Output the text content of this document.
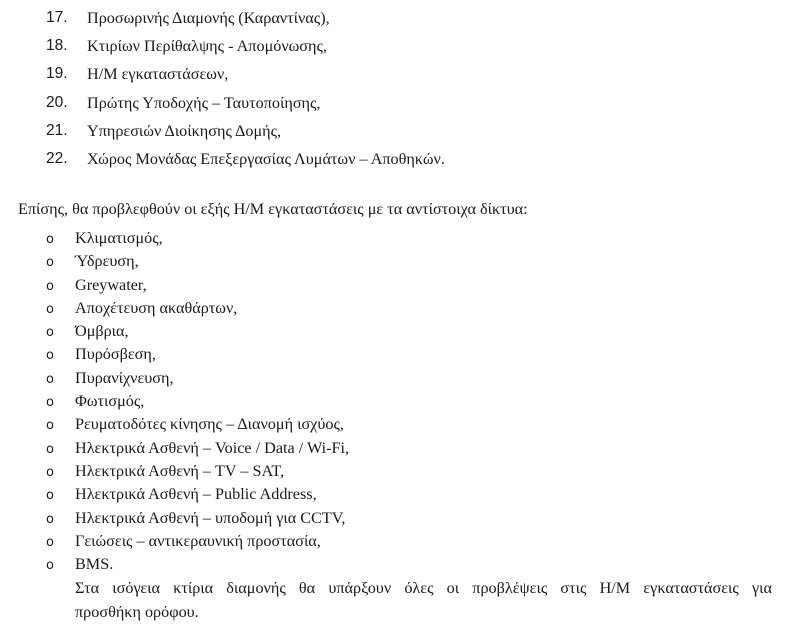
17. Προσωρινής Διαμονής (Καραντίνας),
18. Κτιρίων Περίθαλψης - Απομόνωσης,
19. Η/Μ εγκαταστάσεων,
20. Πρώτης Υποδοχής – Ταυτοποίησης,
21. Υπηρεσιών Διοίκησης Δομής,
22. Χώρος Μονάδας Επεξεργασίας Λυμάτων – Αποθηκών.

Επίσης, θα προβλεφθούν οι εξής Η/Μ εγκαταστάσεις με τα αντίστοιχα δίκτυα:

o Κλιματισμός,
o Ύδρευση,
o Greywater,
o Αποχέτευση ακαθάρτων,
o Όμβρια,
o Πυρόσβεση,
o Πυρανίχνευση,
o Φωτισμός,
o Ρευματοδότες κίνησης – Διανομή ισχύος,
o Ηλεκτρικά Ασθενή – Voice / Data / Wi-Fi,
o Ηλεκτρικά Ασθενή – TV – SAT,
o Ηλεκτρικά Ασθενή – Public Address,
o Ηλεκτρικά Ασθενή – υποδομή για CCTV,
o Γειώσεις – αντικεραυνική προστασία,
o BMS.
Στα ισόγεια κτίρια διαμονής θα υπάρξουν όλες οι προβλέψεις στις Η/Μ εγκαταστάσεις για
προσθήκη ορόφου.
